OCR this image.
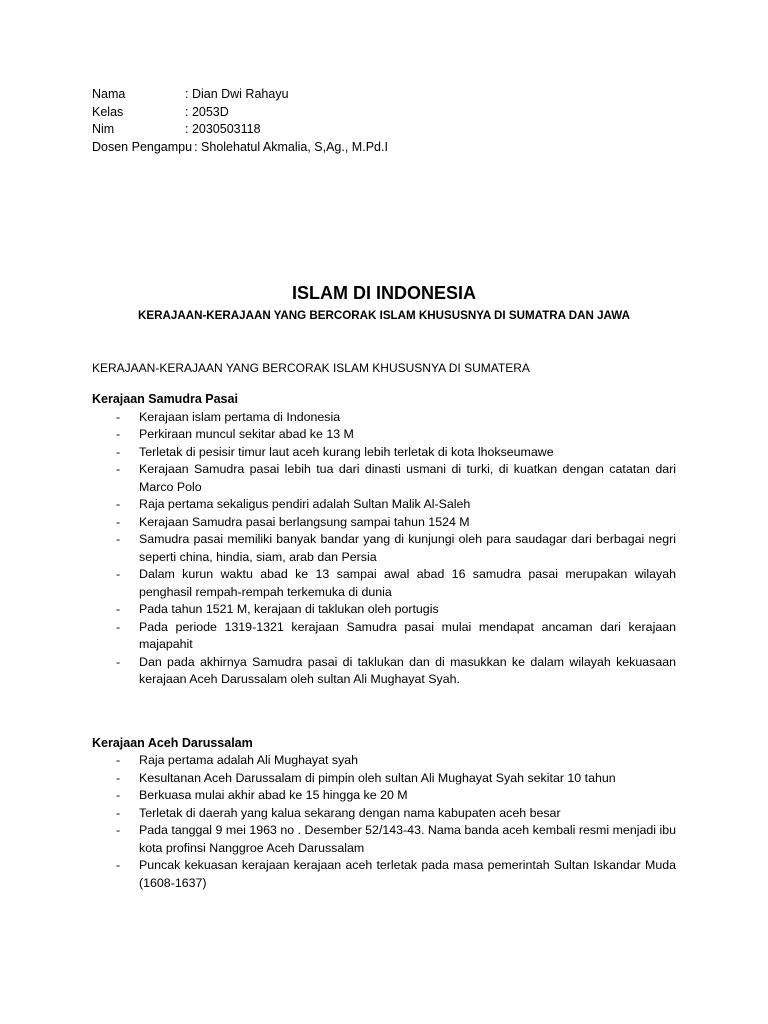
Nama	: Dian Dwi Rahayu
Kelas	: 2053D
Nim	: 2030503118
Dosen Pengampu : Sholehatul Akmalia, S,Ag., M.Pd.I
ISLAM DI INDONESIA
KERAJAAN-KERAJAAN YANG BERCORAK ISLAM KHUSUSNYA DI SUMATRA DAN JAWA
KERAJAAN-KERAJAAN YANG BERCORAK ISLAM KHUSUSNYA DI SUMATERA
Kerajaan Samudra Pasai
- Kerajaan islam pertama di Indonesia
- Perkiraan muncul sekitar abad ke 13 M
- Terletak di pesisir timur laut aceh kurang lebih terletak di kota lhokseumawe
- Kerajaan Samudra pasai lebih tua dari dinasti usmani di turki, di kuatkan dengan catatan dari Marco Polo
- Raja pertama sekaligus pendiri adalah Sultan Malik Al-Saleh
- Kerajaan Samudra pasai berlangsung sampai tahun 1524 M
- Samudra pasai memiliki banyak bandar yang di kunjungi oleh para saudagar dari berbagai negri seperti china, hindia, siam, arab dan Persia
- Dalam kurun waktu abad ke 13 sampai awal abad 16 samudra pasai merupakan wilayah penghasil rempah-rempah terkemuka di dunia
- Pada tahun 1521 M, kerajaan di taklukan oleh portugis
- Pada periode 1319-1321 kerajaan Samudra pasai mulai mendapat ancaman dari kerajaan majapahit
- Dan pada akhirnya Samudra pasai di taklukan dan di masukkan ke dalam wilayah kekuasaan kerajaan Aceh Darussalam oleh sultan Ali Mughayat Syah.
Kerajaan Aceh Darussalam
- Raja pertama adalah Ali Mughayat syah
- Kesultanan Aceh Darussalam di pimpin oleh sultan Ali Mughayat Syah sekitar 10 tahun
- Berkuasa mulai akhir abad ke 15 hingga ke 20 M
- Terletak di daerah yang kalua sekarang dengan nama kabupaten aceh besar
- Pada tanggal 9 mei 1963 no . Desember 52/143-43. Nama banda aceh kembali resmi menjadi ibu kota profinsi Nanggroe Aceh Darussalam
- Puncak kekuasan kerajaan kerajaan aceh terletak pada masa pemerintah Sultan Iskandar Muda (1608-1637)
